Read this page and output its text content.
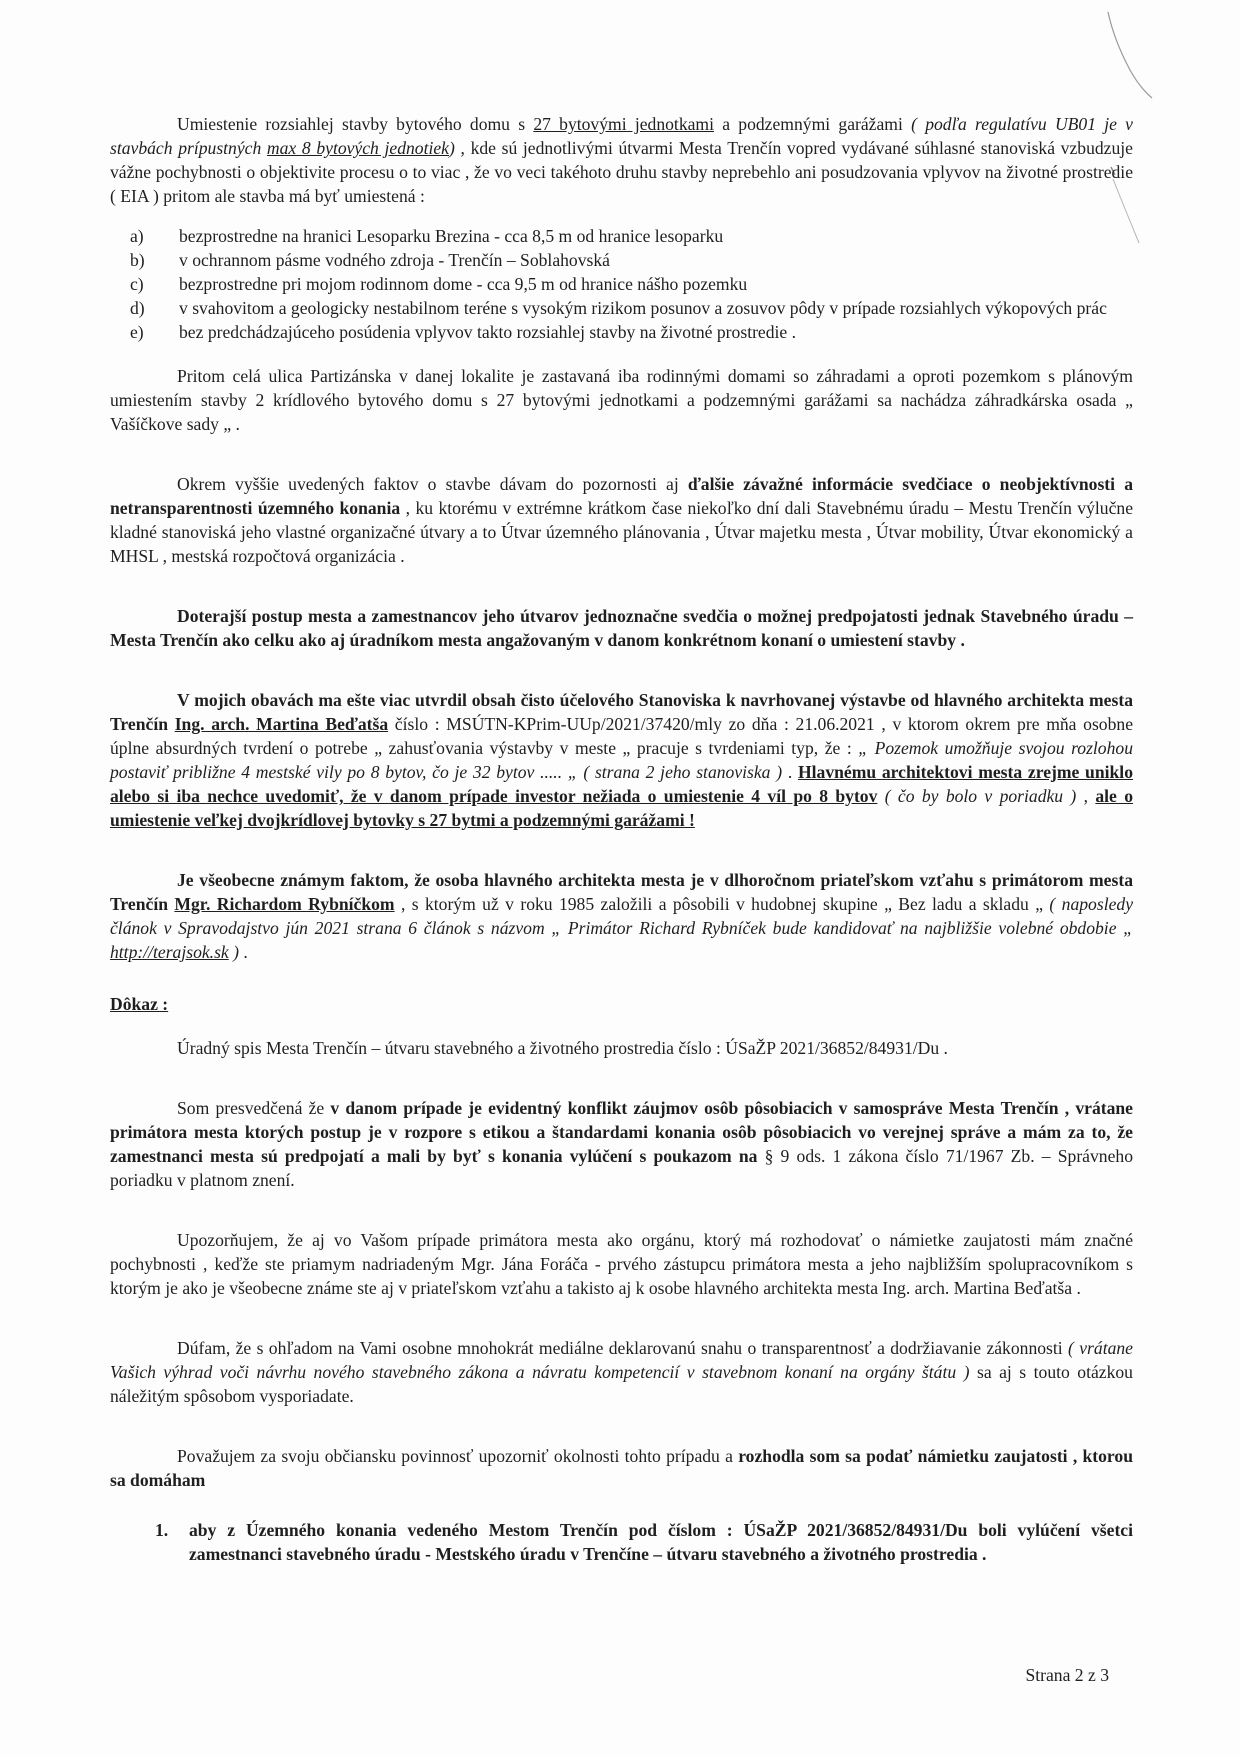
Umiestenie rozsiahlej stavby bytového domu s 27 bytovými jednotkami a podzemnými garážami ( podľa regulatívu UB01 je v stavbách prípustných max 8 bytových jednotiek) , kde sú jednotlivými útvarmi Mesta Trenčín vopred vydávané súhlasné stanoviská vzbudzuje vážne pochybnosti o objektivite procesu o to viac , že vo veci takéhoto druhu stavby neprebehlo ani posudzovania vplyvov na životné prostredie ( EIA ) pritom ale stavba má byť umiestená :

a) bezprostredne na hranici Lesoparku Brezina - cca 8,5 m od hranice lesoparku
b) v ochrannom pásme vodného zdroja - Trenčín – Soblahovská
c) bezprostredne pri mojom rodinnom dome - cca 9,5 m od hranice nášho pozemku
d) v svahovitom a geologicky nestabilnom teréne s vysokým rizikom posunov a zosuvov pôdy v prípade rozsiahlych výkopových prác
e) bez predchádzajúceho posúdenia vplyvov takto rozsiahlej stavby na životné prostredie .

Pritom celá ulica Partizánska v danej lokalite je zastavaná iba rodinnými domami so záhradami a oproti pozemkom s plánovým umiestením stavby 2 krídlového bytového domu s 27 bytovými jednotkami a podzemnými garážami sa nachádza záhradkárska osada „ Vašíčkove sady „ .

Okrem vyššie uvedených faktov o stavbe dávam do pozornosti aj ďalšie závažné informácie svedčiace o neobjektívnosti a netransparentnosti územného konania , ku ktorému v extrémne krátkom čase niekoľko dní dali Stavebnému úradu – Mestu Trenčín výlučne kladné stanoviská jeho vlastné organizačné útvary a to Útvar územného plánovania , Útvar majetku mesta , Útvar mobility, Útvar ekonomický a MHSL , mestská rozpočtová organizácia .

Doterajší postup mesta a zamestnancov jeho útvarov jednoznačne svedčia o možnej predpojatosti jednak Stavebného úradu – Mesta Trenčín ako celku ako aj úradníkom mesta angažovaným v danom konkrétnom konaní o umiestení stavby .

V mojich obavách ma ešte viac utvrdil obsah čisto účelového Stanoviska k navrhovanej výstavbe od hlavného architekta mesta Trenčín Ing. arch. Martina Beďatša číslo : MSÚTN-KPrim-UUp/2021/37420/mly zo dňa : 21.06.2021 , v ktorom okrem pre mňa osobne úplne absurdných tvrdení o potrebe „ zahusťovania výstavby v meste „ pracuje s tvrdeniami typ, že : „ Pozemok umožňuje svojou rozlohou postaviť približne 4 mestské vily po 8 bytov, čo je 32 bytov ..... „ ( strana 2 jeho stanoviska ) . Hlavnému architektovi mesta zrejme uniklo alebo si iba nechce uvedomiť, že v danom prípade investor nežiada o umiestenie 4 víl po 8 bytov ( čo by bolo v poriadku ) , ale o umiestenie veľkej dvojkrídlovej bytovky s 27 bytmi a podzemnými garážami !

Je všeobecne známym faktom, že osoba hlavného architekta mesta je v dlhoročnom priateľskom vzťahu s primátorom mesta Trenčín Mgr. Richardom Rybníčkom , s ktorým už v roku 1985 založili a pôsobili v hudobnej skupine „ Bez ladu a skladu „ ( naposledy článok v Spravodajstvo jún 2021 strana 6 článok s názvom „ Primátor Richard Rybníček bude kandidovať na najbližšie volebné obdobie „ http://terajsok.sk ) .

Dôkaz :

Úradný spis Mesta Trenčín – útvaru stavebného a životného prostredia číslo : ÚSaŽP 2021/36852/84931/Du .

Som presvedčená že v danom prípade je evidentný konflikt záujmov osôb pôsobiacich v samospráve Mesta Trenčín , vrátane primátora mesta ktorých postup je v rozpore s etikou a štandardami konania osôb pôsobiacich vo verejnej správe a mám za to, že zamestnanci mesta sú predpojatí a mali by byť s konania vylúčení s poukazom na § 9 ods. 1 zákona číslo 71/1967 Zb. – Správneho poriadku v platnom znení.

Upozorňujem, že aj vo Vašom prípade primátora mesta ako orgánu, ktorý má rozhodovať o námietke zaujatosti mám značné pochybnosti , keďže ste priamym nadriadeným Mgr. Jána Foráča - prvého zástupcu primátora mesta a jeho najbližším spolupracovníkom s ktorým je ako je všeobecne známe ste aj v priateľskom vzťahu a takisto aj k osobe hlavného architekta mesta Ing. arch. Martina Beďatša .

Dúfam, že s ohľadom na Vami osobne mnohokrát mediálne deklarovanú snahu o transparentnosť a dodržiavanie zákonnosti ( vrátane Vašich výhrad voči návrhu nového stavebného zákona a návratu kompetencií v stavebnom konaní na orgány štátu ) sa aj s touto otázkou náležitým spôsobom vysporiadate.

Považujem za svoju občiansku povinnosť upozorniť okolnosti tohto prípadu a rozhodla som sa podať námietku zaujatosti , ktorou sa domáham

1. aby z Územného konania vedeného Mestom Trenčín pod číslom : ÚSaŽP 2021/36852/84931/Du boli vylúčení všetci zamestnanci stavebného úradu - Mestského úradu v Trenčíne – útvaru stavebného a životného prostredia .
Strana 2 z 3
